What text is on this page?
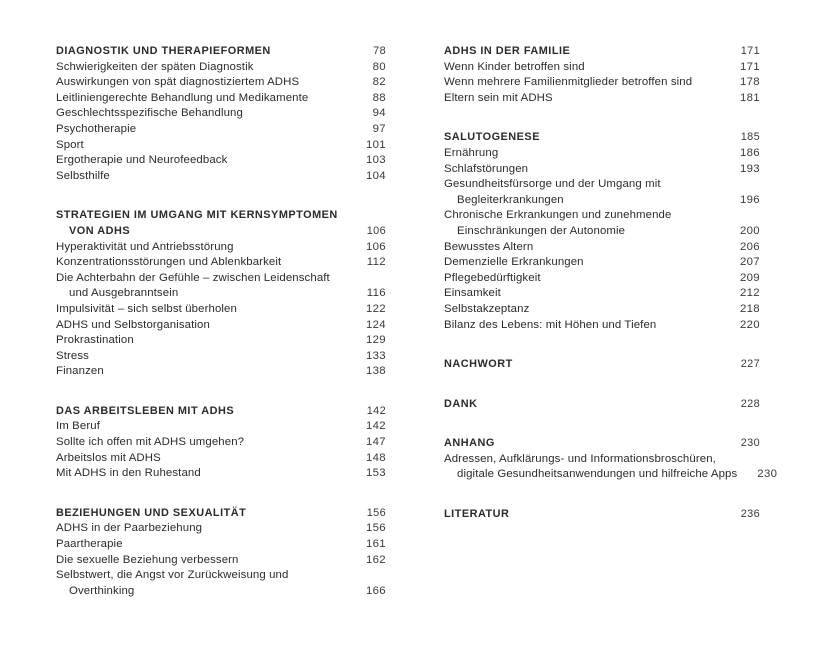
DIAGNOSTIK UND THERAPIEFORMEN	78
Schwierigkeiten der späten Diagnostik	80
Auswirkungen von spät diagnostiziertem ADHS	82
Leitliniengerechte Behandlung und Medikamente	88
Geschlechtsspezifische Behandlung	94
Psychotherapie	97
Sport	101
Ergotherapie und Neurofeedback	103
Selbsthilfe	104
STRATEGIEN IM UMGANG MIT KERNSYMPTOMEN
VON ADHS	106
Hyperaktivität und Antriebsstörung	106
Konzentrationsstörungen und Ablenkbarkeit	112
Die Achterbahn der Gefühle – zwischen Leidenschaft
und Ausgebranntsein	116
Impulsivität – sich selbst überholen	122
ADHS und Selbstorganisation	124
Prokrastination	129
Stress	133
Finanzen	138
DAS ARBEITSLEBEN MIT ADHS	142
Im Beruf	142
Sollte ich offen mit ADHS umgehen?	147
Arbeitslos mit ADHS	148
Mit ADHS in den Ruhestand	153
BEZIEHUNGEN UND SEXUALITÄT	156
ADHS in der Paarbeziehung	156
Paartherapie	161
Die sexuelle Beziehung verbessern	162
Selbstwert, die Angst vor Zurückweisung und
Overthinking	166
ADHS IN DER FAMILIE	171
Wenn Kinder betroffen sind	171
Wenn mehrere Familienmitglieder betroffen sind	178
Eltern sein mit ADHS	181
SALUTOGENESE	185
Ernährung	186
Schlafstörungen	193
Gesundheitsfürsorge und der Umgang mit
Begleiterkrankungen	196
Chronische Erkrankungen und zunehmende
Einschränkungen der Autonomie	200
Bewusstes Altern	206
Demenzielle Erkrankungen	207
Pflegebedürftigkeit	209
Einsamkeit	212
Selbstakzeptanz	218
Bilanz des Lebens: mit Höhen und Tiefen	220
NACHWORT	227
DANK	228
ANHANG	230
Adressen, Aufklärungs- und Informationsbroschüren,
digitale Gesundheitsanwendungen und hilfreiche Apps	230
LITERATUR	236
